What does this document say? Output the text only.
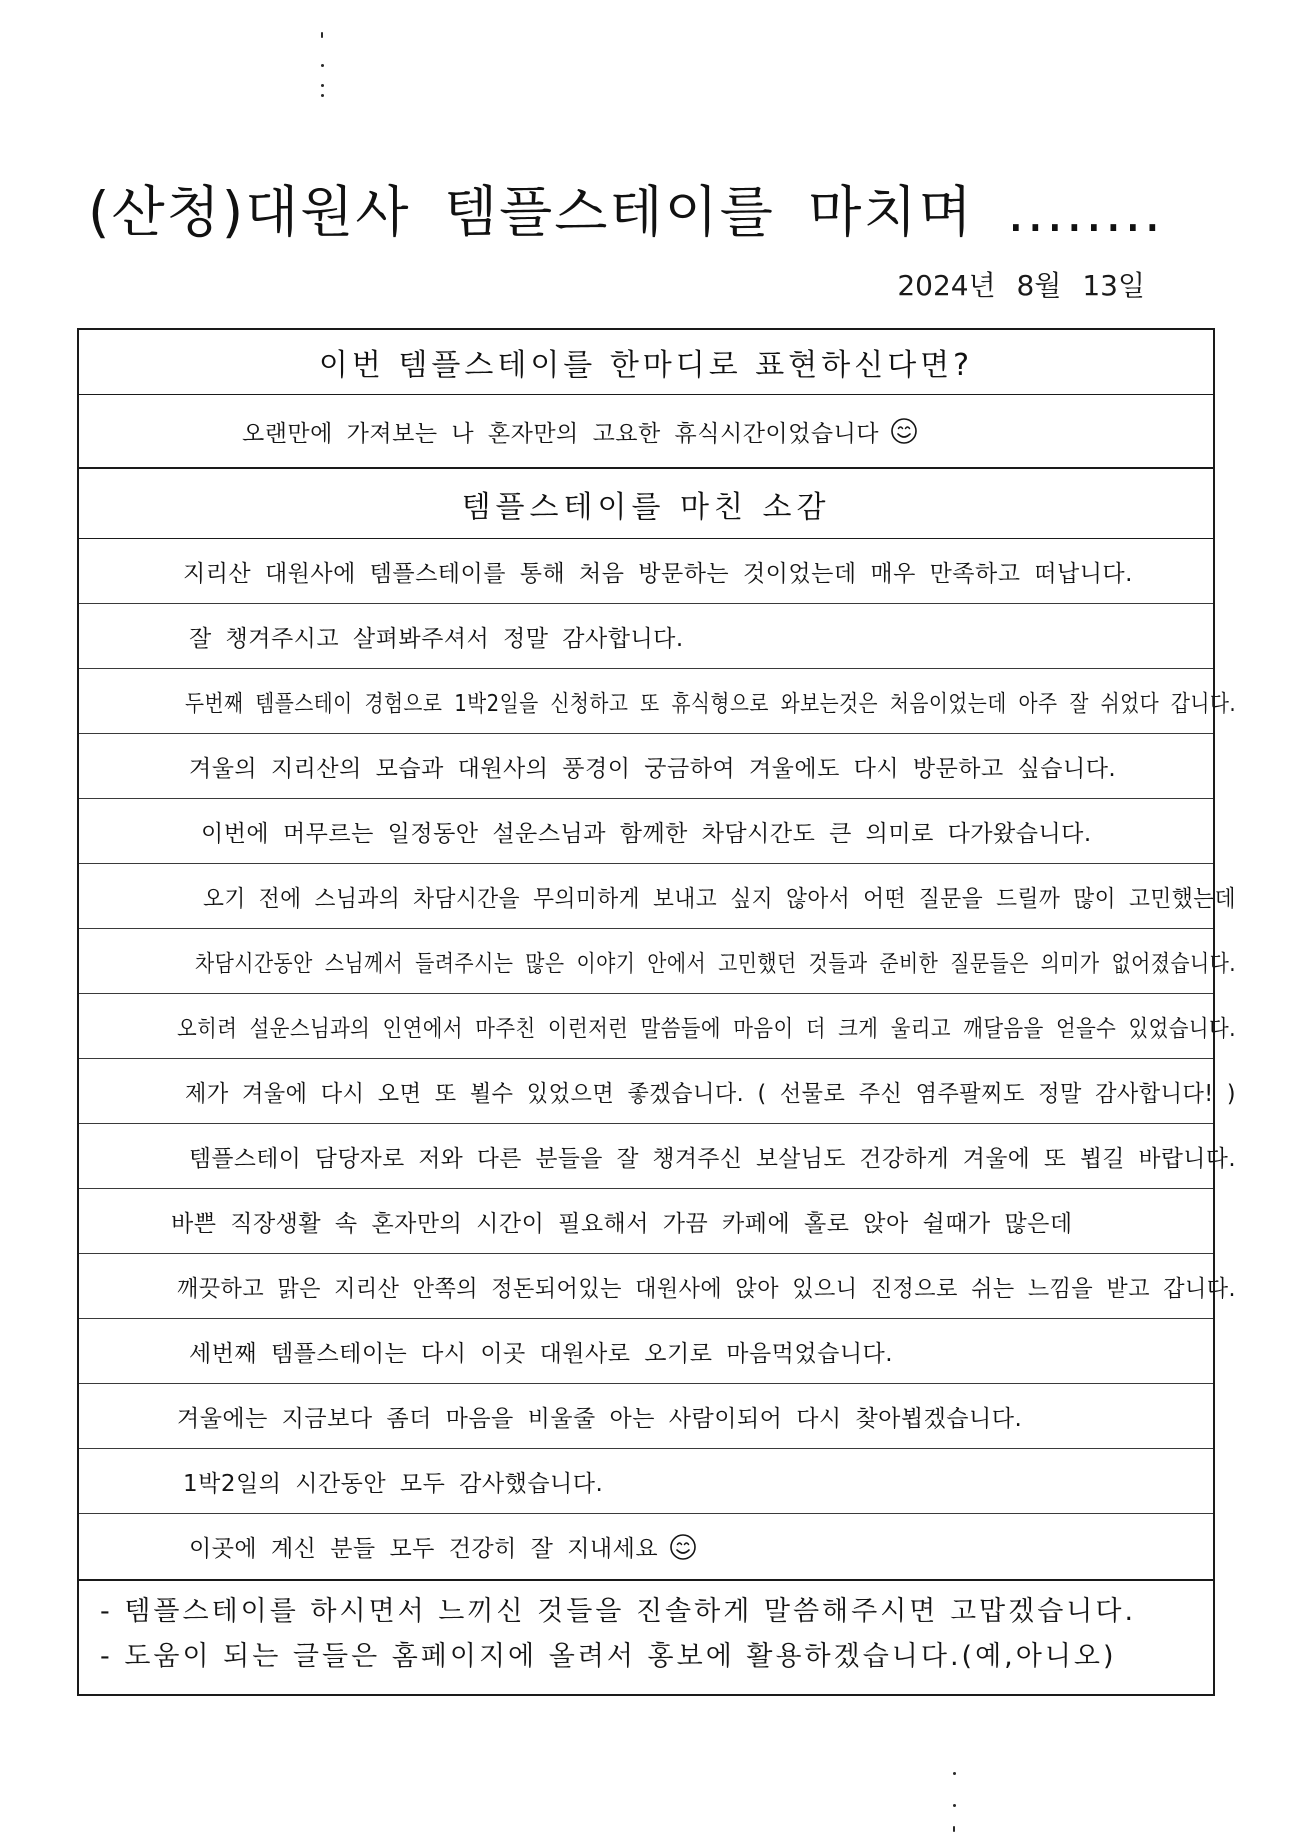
(산청)대원사 템플스테이를 마치며 ........
2024년 8월 13일
이번 템플스테이를 한마디로 표현하신다면?
오랜만에 가져보는 나 혼자만의 고요한 휴식시간이었습니다
템플스테이를 마친 소감
지리산 대원사에 템플스테이를 통해 처음 방문하는 것이었는데 매우 만족하고 떠납니다.
잘 챙겨주시고 살펴봐주셔서 정말 감사합니다.
두번째 템플스테이 경험으로 1박2일을 신청하고 또 휴식형으로 와보는것은 처음이었는데 아주 잘 쉬었다 갑니다.
겨울의 지리산의 모습과 대원사의 풍경이 궁금하여 겨울에도 다시 방문하고 싶습니다.
이번에 머무르는 일정동안 설운스님과 함께한 차담시간도 큰 의미로 다가왔습니다.
오기 전에 스님과의 차담시간을 무의미하게 보내고 싶지 않아서 어떤 질문을 드릴까 많이 고민했는데
차담시간동안 스님께서 들려주시는 많은 이야기 안에서 고민했던 것들과 준비한 질문들은 의미가 없어졌습니다.
오히려 설운스님과의 인연에서 마주친 이런저런 말씀들에 마음이 더 크게 울리고 깨달음을 얻을수 있었습니다.
제가 겨울에 다시 오면 또 뵐수 있었으면 좋겠습니다. ( 선물로 주신 염주팔찌도 정말 감사합니다! )
템플스테이 담당자로 저와 다른 분들을 잘 챙겨주신 보살님도 건강하게 겨울에 또 뵙길 바랍니다.
바쁜 직장생활 속 혼자만의 시간이 필요해서 가끔 카페에 홀로 앉아 쉴때가 많은데
깨끗하고 맑은 지리산 안쪽의 정돈되어있는 대원사에 앉아 있으니 진정으로 쉬는 느낌을 받고 갑니다.
세번째 템플스테이는 다시 이곳 대원사로 오기로 마음먹었습니다.
겨울에는 지금보다 좀더 마음을 비울줄 아는 사람이되어 다시 찾아뵙겠습니다.
1박2일의 시간동안 모두 감사했습니다.
이곳에 계신 분들 모두 건강히 잘 지내세요
- 템플스테이를 하시면서 느끼신 것들을 진솔하게 말씀해주시면 고맙겠습니다.
- 도움이 되는 글들은 홈페이지에 올려서 홍보에 활용하겠습니다.(예,아니오)
